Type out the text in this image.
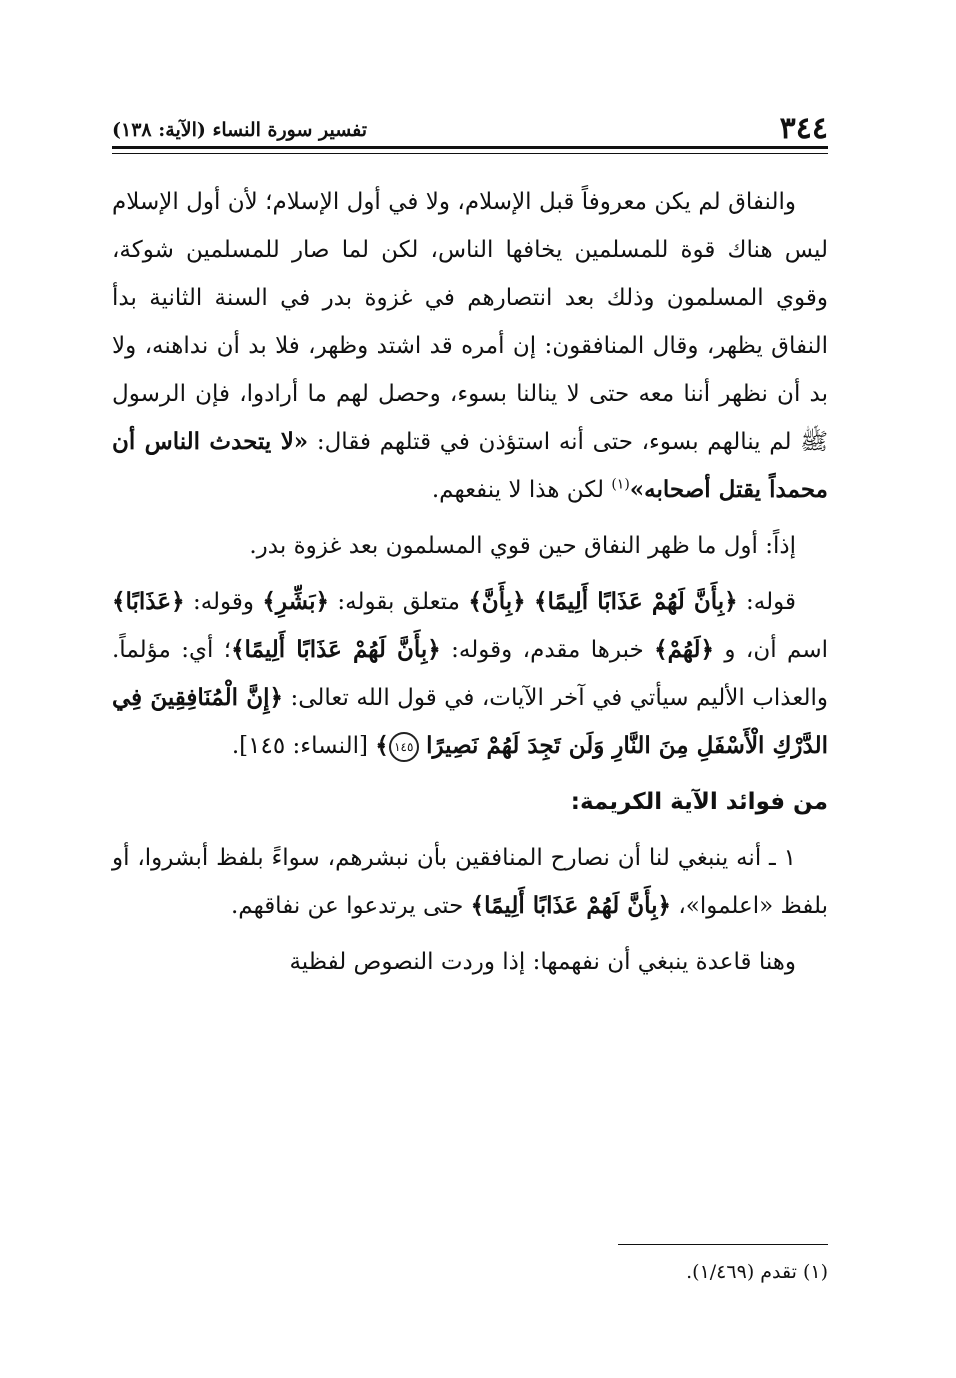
٣٤٤
تفسير سورة النساء (الآية: ١٣٨)

والنفاق لم يكن معروفاً قبل الإسلام، ولا في أول الإسلام؛ لأن أول الإسلام ليس هناك قوة للمسلمين يخافها الناس، لكن لما صار للمسلمين شوكة، وقوي المسلمون وذلك بعد انتصارهم في غزوة بدر في السنة الثانية بدأ النفاق يظهر، وقال المنافقون: إن أمره قد اشتد وظهر، فلا بد أن نداهنه، ولا بد أن نظهر أننا معه حتى لا ينالنا بسوء، وحصل لهم ما أرادوا، فإن الرسول ﷺ لم ينالهم بسوء، حتى أنه استؤذن في قتلهم فقال: «لا يتحدث الناس أن محمداً يقتل أصحابه»$^{(١)}$ لكن هذا لا ينفعهم.

إذاً: أول ما ظهر النفاق حين قوي المسلمون بعد غزوة بدر.

قوله: ﴿بِأَنَّ لَهُمْ عَذَابًا أَلِيمًا﴾ ﴿بِأَنَّ﴾ متعلق بقوله: ﴿بَشِّرِ﴾ وقوله: ﴿عَذَابًا﴾ اسم أن، و ﴿لَهُمْ﴾ خبرها مقدم، وقوله: ﴿بِأَنَّ لَهُمْ عَذَابًا أَلِيمًا﴾؛ أي: مؤلماً. والعذاب الأليم سيأتي في آخر الآيات، في قول الله تعالى: ﴿إِنَّ الْمُنَافِقِينَ فِي الدَّرْكِ الْأَسْفَلِ مِنَ النَّارِ وَلَن تَجِدَ لَهُمْ نَصِيرًا ١٤٥﴾ [النساء: ١٤٥].

من فوائد الآية الكريمة:

١ ـ أنه ينبغي لنا أن نصارح المنافقين بأن نبشرهم، سواءً بلفظ أبشروا، أو بلفظ «اعلموا»، ﴿بِأَنَّ لَهُمْ عَذَابًا أَلِيمًا﴾ حتى يرتدعوا عن نفاقهم.

وهنا قاعدة ينبغي أن نفهمها: إذا وردت النصوص لفظية

(١) تقدم (١/٤٦٩).
